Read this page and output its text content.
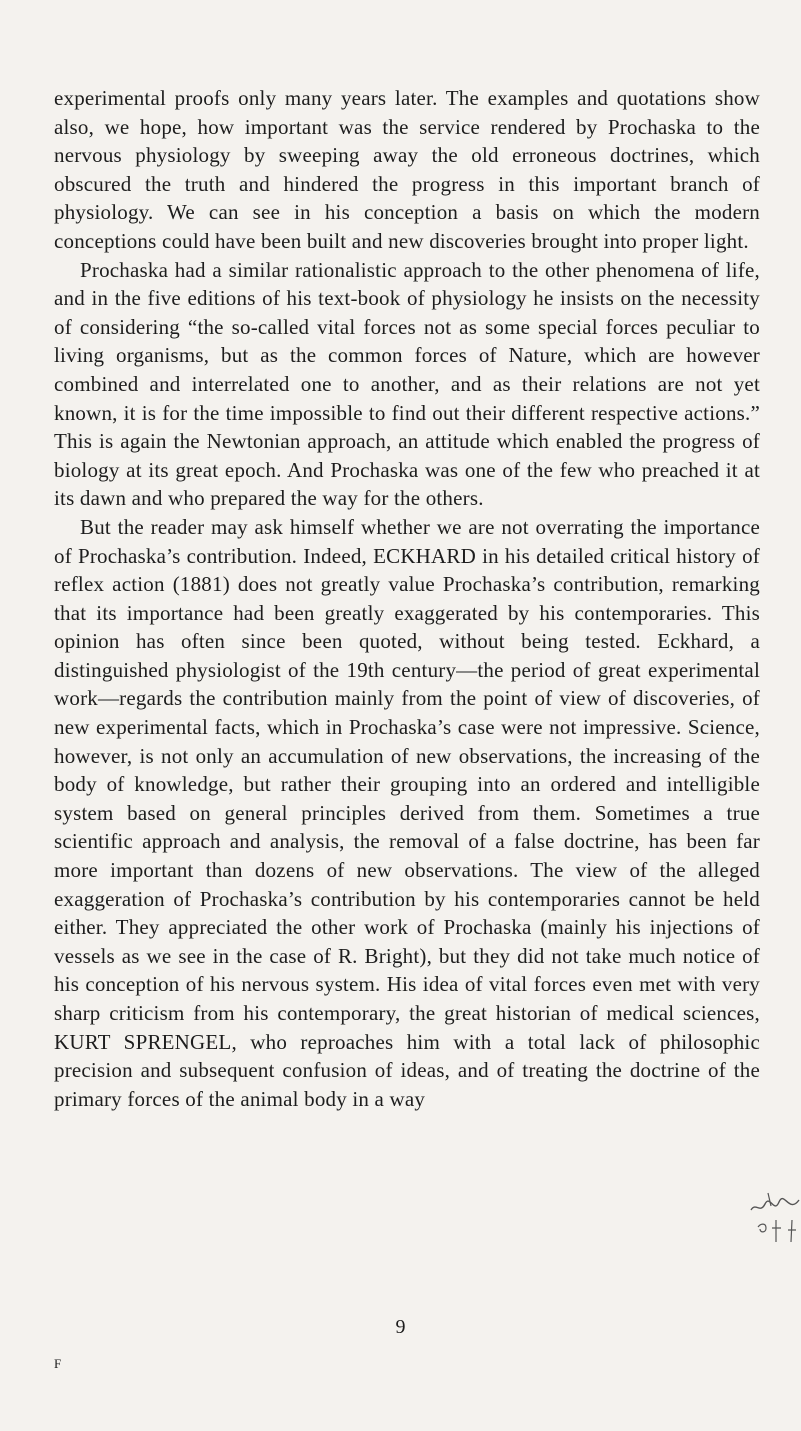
experimental proofs only many years later. The examples and quotations show also, we hope, how important was the service rendered by Prochaska to the nervous physiology by sweeping away the old erroneous doctrines, which obscured the truth and hindered the progress in this important branch of physiology. We can see in his conception a basis on which the modern conceptions could have been built and new discoveries brought into proper light.

Prochaska had a similar rationalistic approach to the other phenomena of life, and in the five editions of his text-book of physiology he insists on the necessity of considering “the so-called vital forces not as some special forces peculiar to living organisms, but as the common forces of Nature, which are however combined and interrelated one to another, and as their relations are not yet known, it is for the time impossible to find out their different respective actions.” This is again the Newtonian approach, an attitude which enabled the progress of biology at its great epoch. And Prochaska was one of the few who preached it at its dawn and who prepared the way for the others.

But the reader may ask himself whether we are not overrating the importance of Prochaska’s contribution. Indeed, ECKHARD in his detailed critical history of reflex action (1881) does not greatly value Prochaska’s contribution, remarking that its importance had been greatly exaggerated by his contemporaries. This opinion has often since been quoted, without being tested. Eckhard, a distinguished physiologist of the 19th century—the period of great experimental work—regards the contribution mainly from the point of view of discoveries, of new experimental facts, which in Prochaska’s case were not impressive. Science, however, is not only an accumulation of new observations, the increasing of the body of knowledge, but rather their grouping into an ordered and intelligible system based on general principles derived from them. Sometimes a true scientific approach and analysis, the removal of a false doctrine, has been far more important than dozens of new observations. The view of the alleged exaggeration of Prochaska’s contribution by his contemporaries cannot be held either. They appreciated the other work of Prochaska (mainly his injections of vessels as we see in the case of R. Bright), but they did not take much notice of his conception of his nervous system. His idea of vital forces even met with very sharp criticism from his contemporary, the great historian of medical sciences, KURT SPRENGEL, who reproaches him with a total lack of philosophic precision and subsequent confusion of ideas, and of treating the doctrine of the primary forces of the animal body in a way

9
F
